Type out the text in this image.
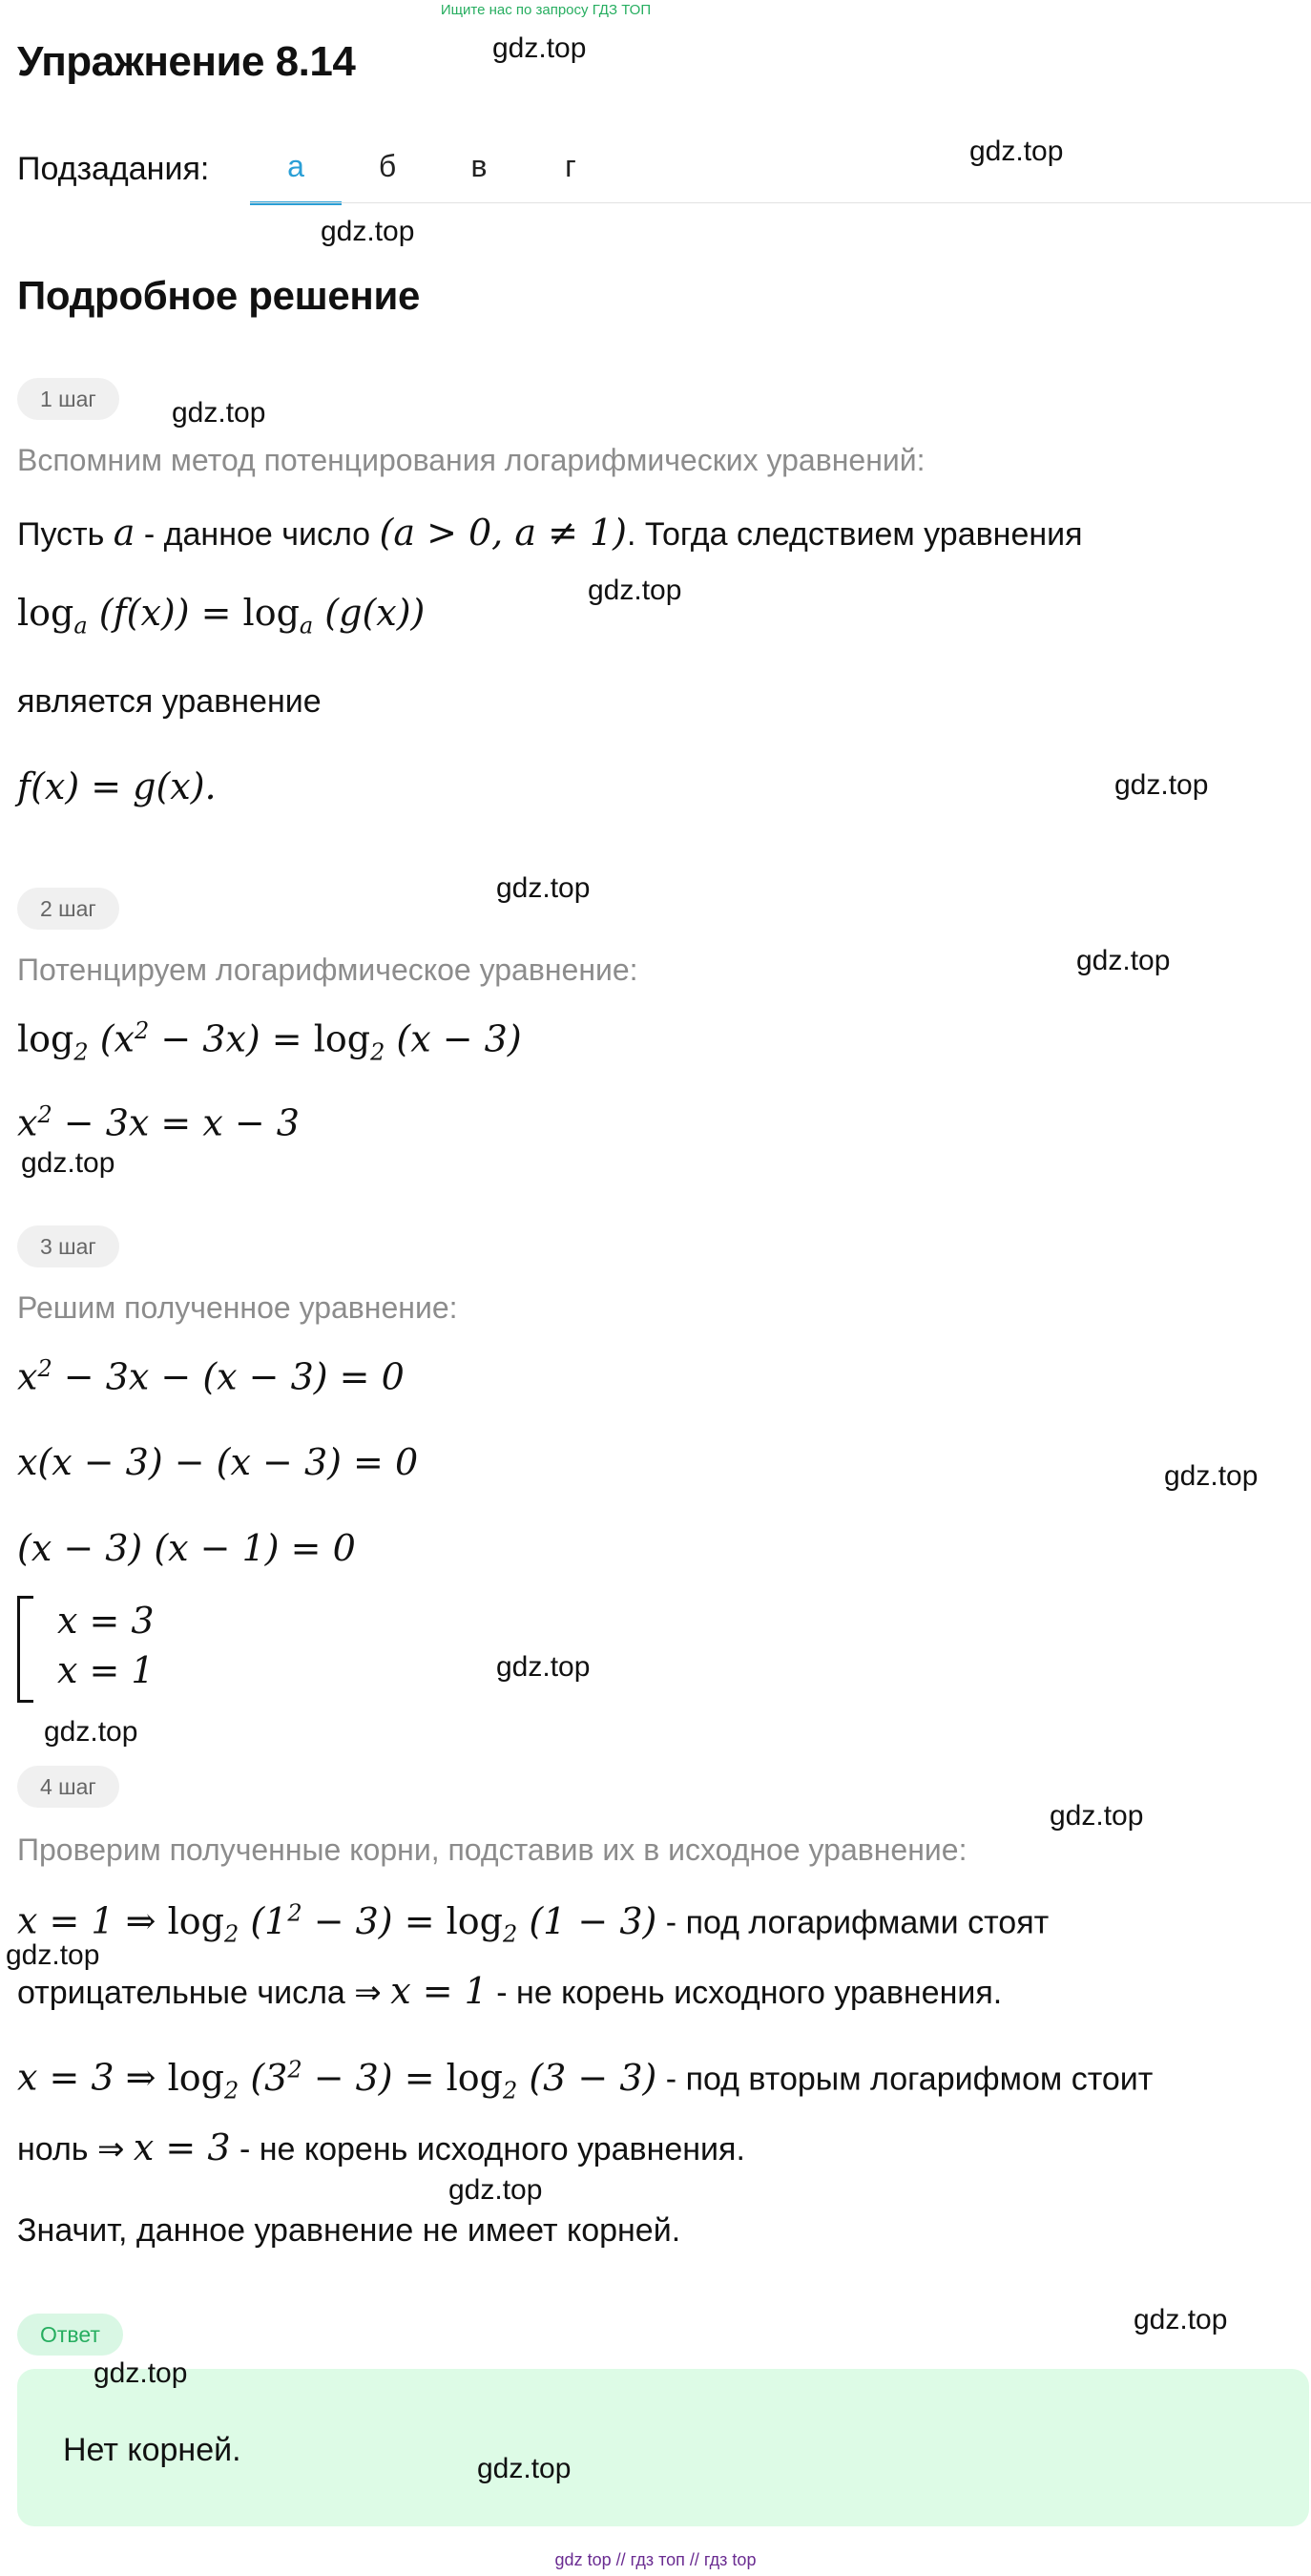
Ищите нас по запросу ГДЗ ТОП
Упражнение 8.14
Подзадания:	а	б	в	г
Подробное решение
1 шаг
Вспомним метод потенцирования логарифмических уравнений:
Пусть a - данное число (a > 0, a ≠ 1). Тогда следствием уравнения
$\log_a (f(x)) = \log_a (g(x))$
является уравнение
f(x) = g(x).
2 шаг
Потенцируем логарифмическое уравнение:
$\log_2 (x^2 - 3x) = \log_2 (x - 3)$
$x^2 - 3x = x - 3$
3 шаг
Решим полученное уравнение:
$x^2 - 3x - (x - 3) = 0$
x(x − 3) − (x − 3) = 0
(x − 3) (x − 1) = 0
x = 3
x = 1
4 шаг
Проверим полученные корни, подставив их в исходное уравнение:
x = 1 ⇒ $\log_2 (1^2 - 3) = \log_2 (1 - 3)$ - под логарифмами стоят
отрицательные числа ⇒ x = 1 - не корень исходного уравнения.
x = 3 ⇒ $\log_2 (3^2 - 3) = \log_2 (3 - 3)$ - под вторым логарифмом стоит
ноль ⇒ x = 3 - не корень исходного уравнения.
Значит, данное уравнение не имеет корней.
Ответ
Нет корней.
gdz.top
gdz.top
gdz.top
gdz.top
gdz.top
gdz.top
gdz.top
gdz.top
gdz.top
gdz.top
gdz.top
gdz.top
gdz.top
gdz.top
gdz.top
gdz.top
gdz.top
gdz.top
gdz top // гдз топ // гдз top
